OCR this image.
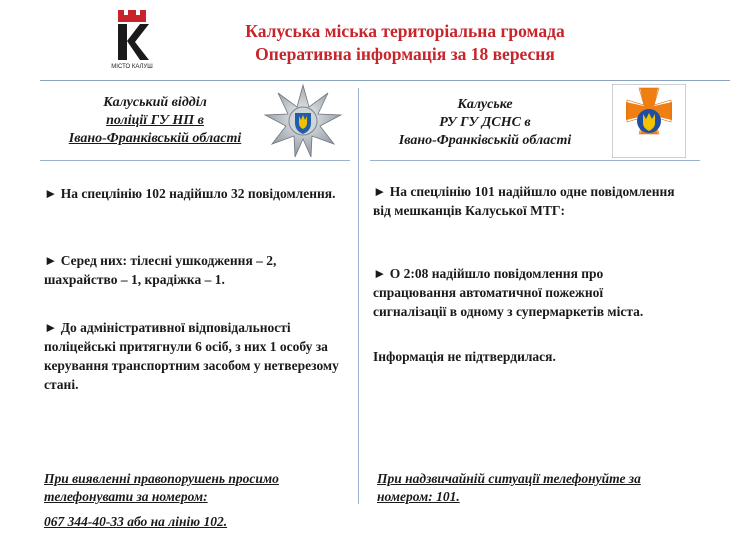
МІСТО КАЛУШ
Калуська міська територіальна громада
Оперативна інформація за 18 вересня
Калуський відділ
поліції ГУ НП в
Івано-Франківській області
Калуське
РУ ГУ ДСНС в
Івано-Франківській області
► На спецлінію 102 надійшло 32 повідомлення.
► Серед них: тілесні ушкодження – 2, шахрайство – 1, крадіжка – 1.
► До адміністративної відповідальності поліцейські притягнули 6 осіб, з них 1 особу за керування транспортним засобом у нетверезому стані.
► На спецлінію 101 надійшло одне повідомлення від мешканців Калуської МТГ:
► О 2:08 надійшло повідомлення про спрацювання автоматичної пожежної сигналізації в одному з супермаркетів міста.
Інформація не підтвердилася.
При виявленні правопорушень просимо телефонувати за номером:
067 344-40-33 або на лінію 102.
При надзвичайній ситуації телефонуйте за номером: 101.
